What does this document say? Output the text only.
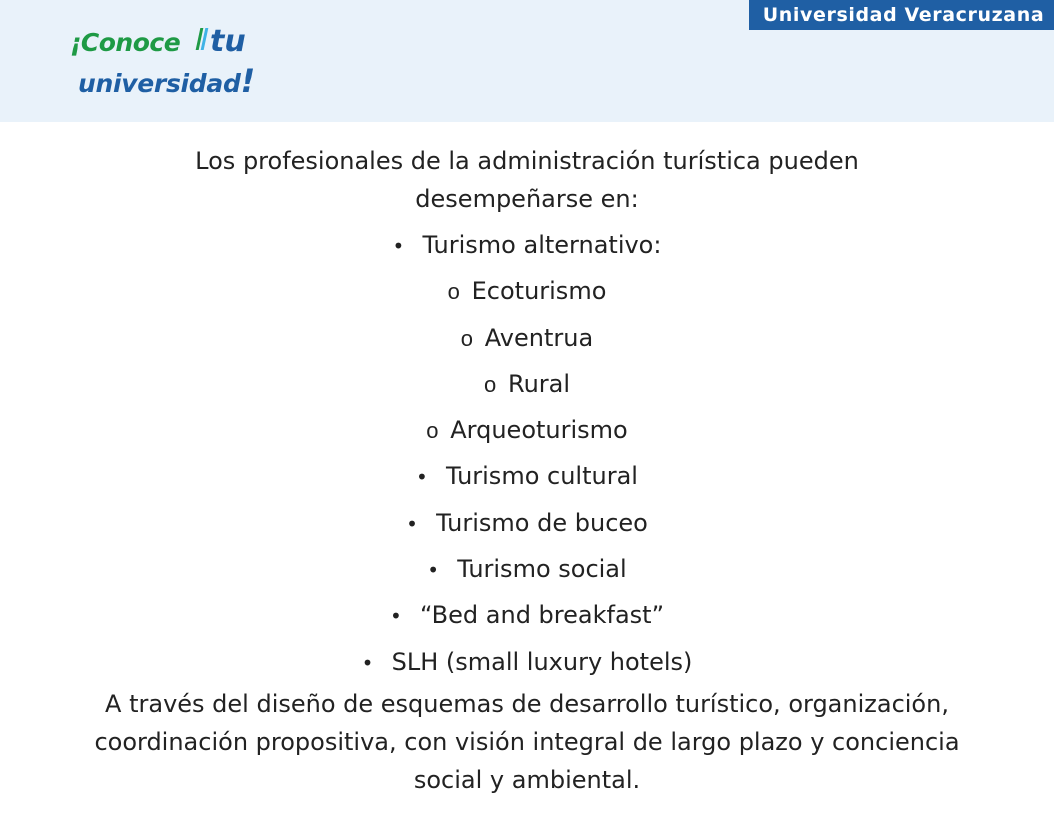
¡Conoce tu
universidad!
Universidad Veracruzana
Los profesionales de la administración turística pueden desempeñarse en:
• Turismo alternativo:
o Ecoturismo
o Aventrua
o Rural
o Arqueoturismo
• Turismo cultural
• Turismo de buceo
• Turismo social
• “Bed and breakfast”
• SLH (small luxury hotels)
A través del diseño de esquemas de desarrollo turístico, organización, coordinación propositiva, con visión integral de largo plazo y conciencia social y ambiental.
